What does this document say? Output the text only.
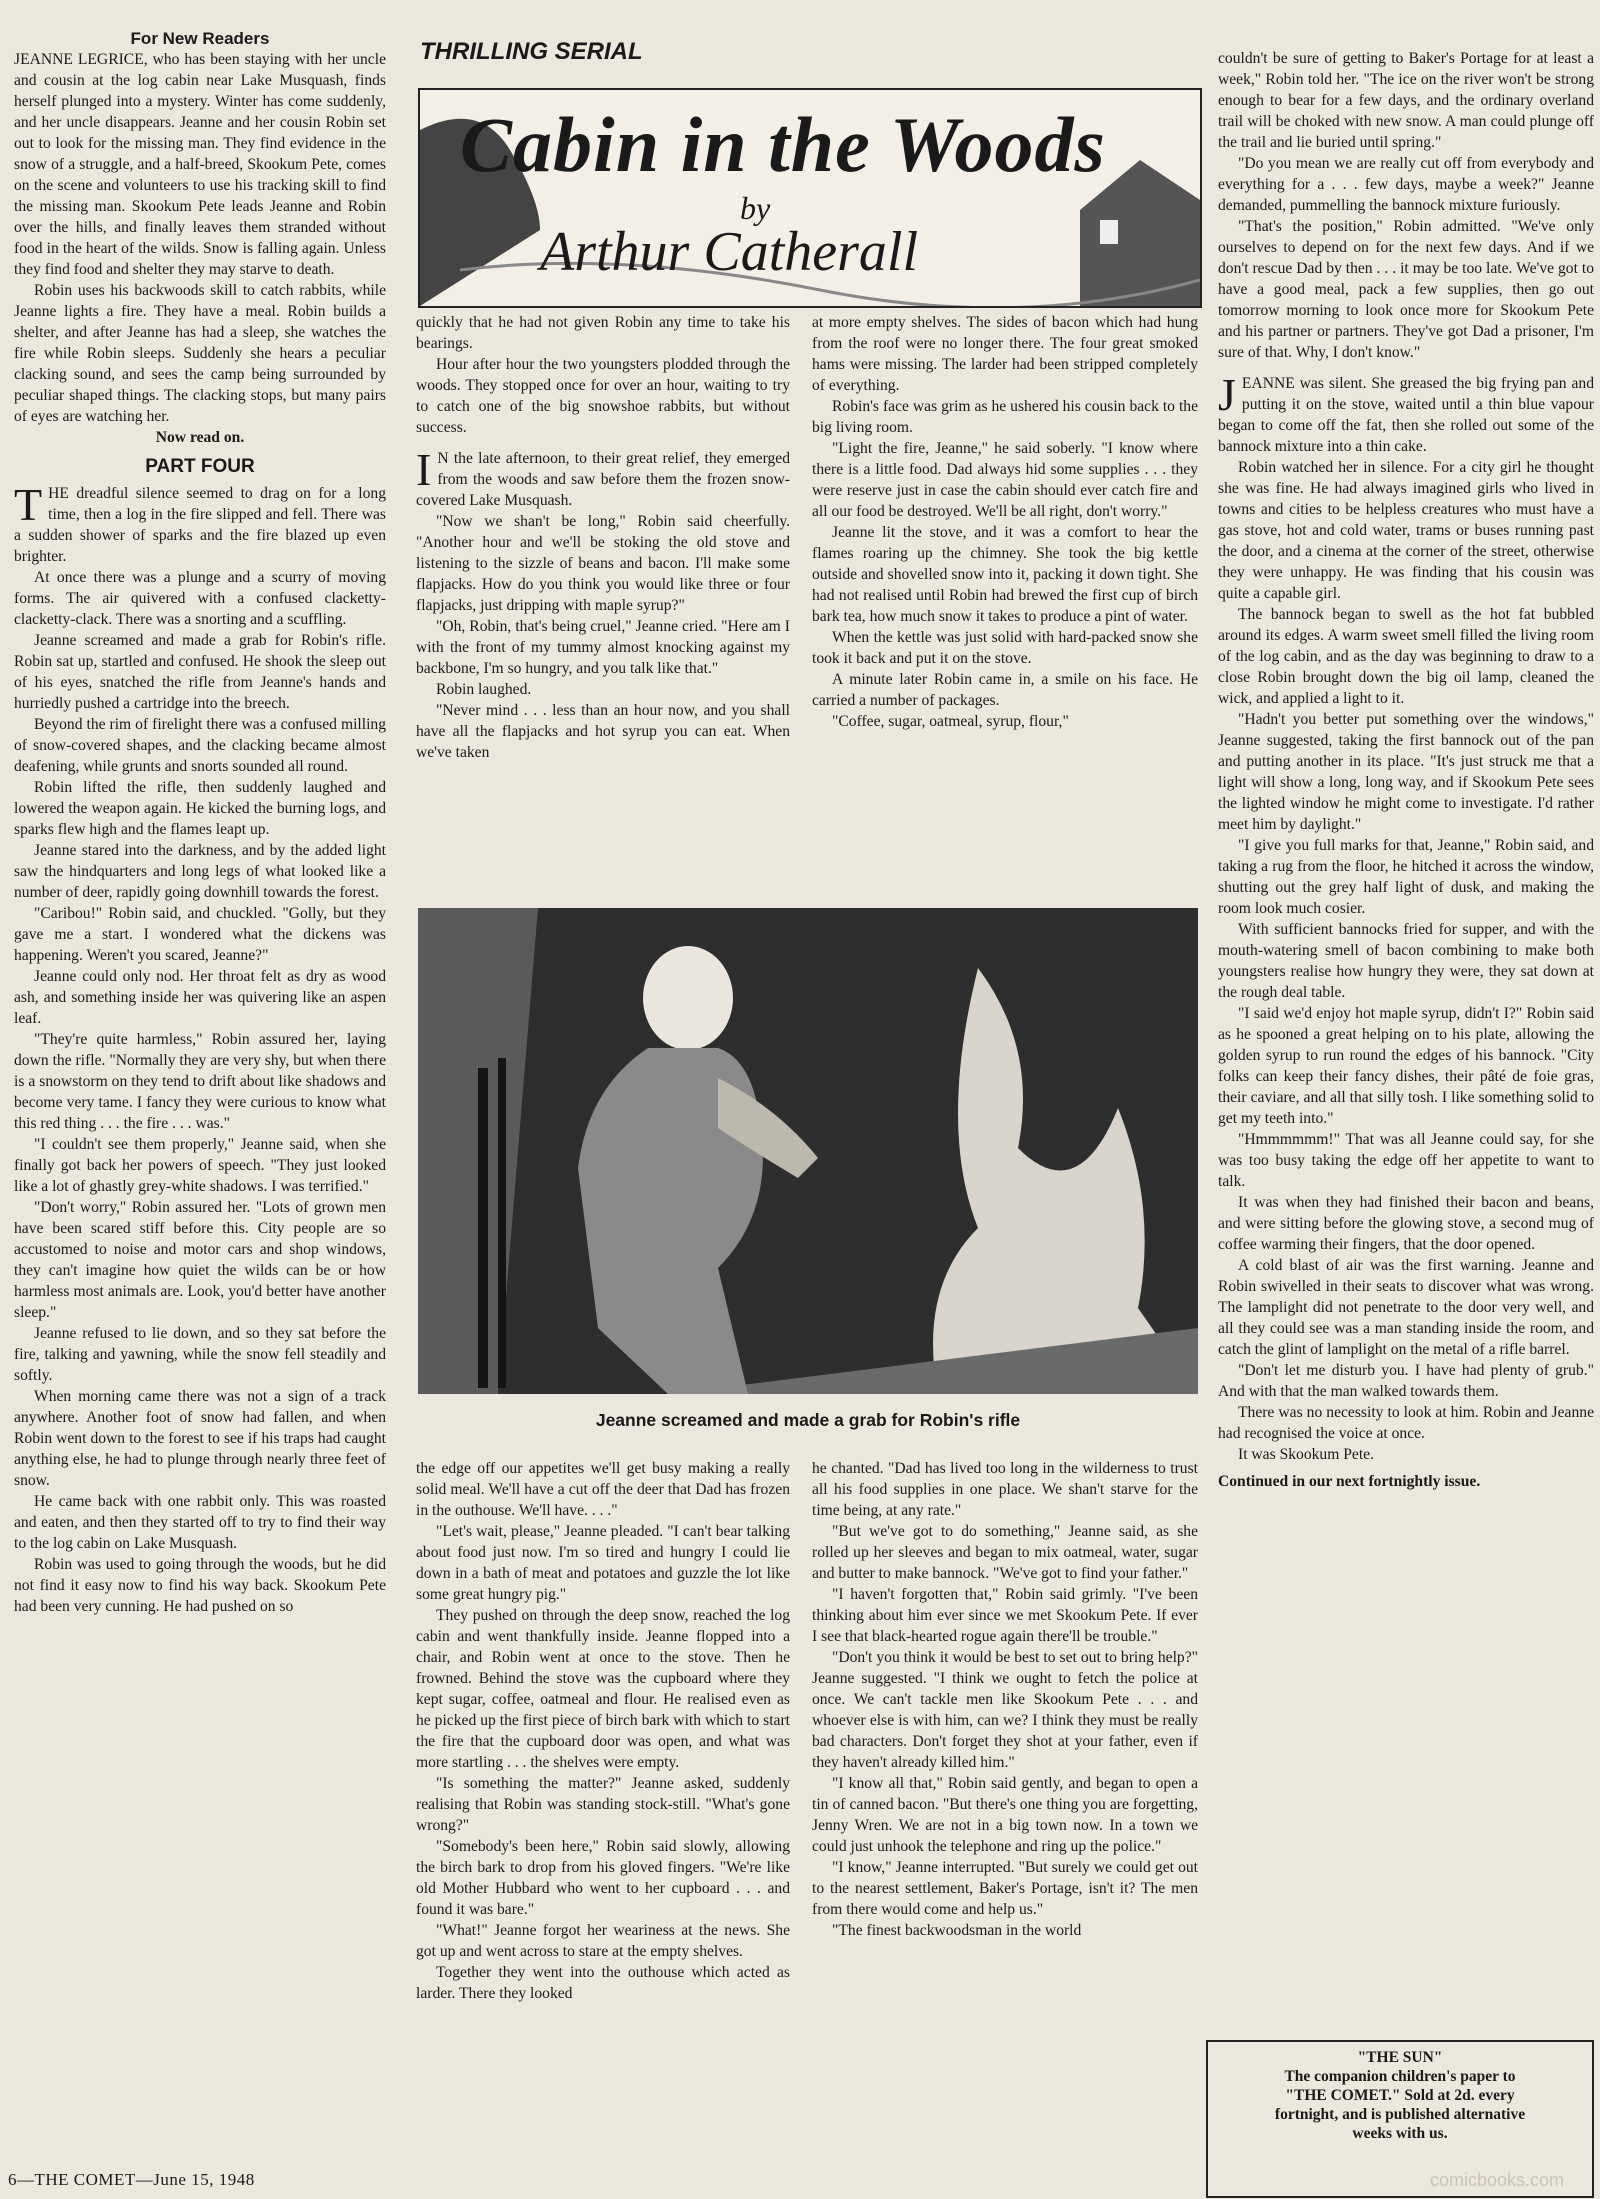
For New Readers

JEANNE LEGRICE, who has been staying with her uncle and cousin at the log cabin near Lake Musquash, finds herself plunged into a mystery. Winter has come suddenly, and her uncle disappears. Jeanne and her cousin Robin set out to look for the missing man. They find evidence in the snow of a struggle, and a half-breed, Skookum Pete, comes on the scene and volunteers to use his tracking skill to find the missing man. Skookum Pete leads Jeanne and Robin over the hills, and finally leaves them stranded without food in the heart of the wilds. Snow is falling again. Unless they find food and shelter they may starve to death.

Robin uses his backwoods skill to catch rabbits, while Jeanne lights a fire. They have a meal. Robin builds a shelter, and after Jeanne has had a sleep, she watches the fire while Robin sleeps. Suddenly she hears a peculiar clacking sound, and sees the camp being surrounded by peculiar shaped things. The clacking stops, but many pairs of eyes are watching her.

Now read on.

PART FOUR

THE dreadful silence seemed to drag on for a long time, then a log in the fire slipped and fell. There was a sudden shower of sparks and the fire blazed up even brighter.

At once there was a plunge and a scurry of moving forms. The air quivered with a confused clacketty-clacketty-clack. There was a snorting and a scuffling.

Jeanne screamed and made a grab for Robin's rifle. Robin sat up, startled and confused. He shook the sleep out of his eyes, snatched the rifle from Jeanne's hands and hurriedly pushed a cartridge into the breech.

Beyond the rim of firelight there was a confused milling of snow-covered shapes, and the clacking became almost deafening, while grunts and snorts sounded all round.

Robin lifted the rifle, then suddenly laughed and lowered the weapon again. He kicked the burning logs, and sparks flew high and the flames leapt up.

Jeanne stared into the darkness, and by the added light saw the hindquarters and long legs of what looked like a number of deer, rapidly going downhill towards the forest.

"Caribou!" Robin said, and chuckled. "Golly, but they gave me a start. I wondered what the dickens was happening. Weren't you scared, Jeanne?"

Jeanne could only nod. Her throat felt as dry as wood ash, and something inside her was quivering like an aspen leaf.

"They're quite harmless," Robin assured her, laying down the rifle. "Normally they are very shy, but when there is a snowstorm on they tend to drift about like shadows and become very tame. I fancy they were curious to know what this red thing . . . the fire . . . was."

"I couldn't see them properly," Jeanne said, when she finally got back her powers of speech. "They just looked like a lot of ghastly grey-white shadows. I was terrified."

"Don't worry," Robin assured her. "Lots of grown men have been scared stiff before this. City people are so accustomed to noise and motor cars and shop windows, they can't imagine how quiet the wilds can be or how harmless most animals are. Look, you'd better have another sleep."

Jeanne refused to lie down, and so they sat before the fire, talking and yawning, while the snow fell steadily and softly.

When morning came there was not a sign of a track anywhere. Another foot of snow had fallen, and when Robin went down to the forest to see if his traps had caught anything else, he had to plunge through nearly three feet of snow.

He came back with one rabbit only. This was roasted and eaten, and then they started off to try to find their way to the log cabin on Lake Musquash.

Robin was used to going through the woods, but he did not find it easy now to find his way back. Skookum Pete had been very cunning. He had pushed on so

THRILLING SERIAL
Cabin in the Woods
by
Arthur Catherall

quickly that he had not given Robin any time to take his bearings.

Hour after hour the two youngsters plodded through the woods. They stopped once for over an hour, waiting to try to catch one of the big snowshoe rabbits, but without success.

I N the late afternoon, to their great relief, they emerged from the woods and saw before them the frozen snow-covered Lake Musquash.

"Now we shan't be long," Robin said cheerfully. "Another hour and we'll be stoking the old stove and listening to the sizzle of beans and bacon. I'll make some flapjacks. How do you think you would like three or four flapjacks, just dripping with maple syrup?"

"Oh, Robin, that's being cruel," Jeanne cried. "Here am I with the front of my tummy almost knocking against my backbone, I'm so hungry, and you talk like that."

Robin laughed.

"Never mind . . . less than an hour now, and you shall have all the flapjacks and hot syrup you can eat. When we've taken

at more empty shelves. The sides of bacon which had hung from the roof were no longer there. The four great smoked hams were missing. The larder had been stripped completely of everything.

Robin's face was grim as he ushered his cousin back to the big living room.

"Light the fire, Jeanne," he said soberly. "I know where there is a little food. Dad always hid some supplies . . . they were reserve just in case the cabin should ever catch fire and all our food be destroyed. We'll be all right, don't worry."

Jeanne lit the stove, and it was a comfort to hear the flames roaring up the chimney. She took the big kettle outside and shovelled snow into it, packing it down tight. She had not realised until Robin had brewed the first cup of birch bark tea, how much snow it takes to produce a pint of water.

When the kettle was just solid with hard-packed snow she took it back and put it on the stove.

A minute later Robin came in, a smile on his face. He carried a number of packages.

"Coffee, sugar, oatmeal, syrup, flour,"

Jeanne screamed and made a grab for Robin's rifle

the edge off our appetites we'll get busy making a really solid meal. We'll have a cut off the deer that Dad has frozen in the outhouse. We'll have. . . ."

"Let's wait, please," Jeanne pleaded. "I can't bear talking about food just now. I'm so tired and hungry I could lie down in a bath of meat and potatoes and guzzle the lot like some great hungry pig."

They pushed on through the deep snow, reached the log cabin and went thankfully inside. Jeanne flopped into a chair, and Robin went at once to the stove. Then he frowned. Behind the stove was the cupboard where they kept sugar, coffee, oatmeal and flour. He realised even as he picked up the first piece of birch bark with which to start the fire that the cupboard door was open, and what was more startling . . . the shelves were empty.

"Is something the matter?" Jeanne asked, suddenly realising that Robin was standing stock-still. "What's gone wrong?"

"Somebody's been here," Robin said slowly, allowing the birch bark to drop from his gloved fingers. "We're like old Mother Hubbard who went to her cupboard . . . and found it was bare."

"What!" Jeanne forgot her weariness at the news. She got up and went across to stare at the empty shelves.

Together they went into the outhouse which acted as larder. There they looked

he chanted. "Dad has lived too long in the wilderness to trust all his food supplies in one place. We shan't starve for the time being, at any rate."

"But we've got to do something," Jeanne said, as she rolled up her sleeves and began to mix oatmeal, water, sugar and butter to make bannock. "We've got to find your father."

"I haven't forgotten that," Robin said grimly. "I've been thinking about him ever since we met Skookum Pete. If ever I see that black-hearted rogue again there'll be trouble."

"Don't you think it would be best to set out to bring help?" Jeanne suggested. "I think we ought to fetch the police at once. We can't tackle men like Skookum Pete . . . and whoever else is with him, can we? I think they must be really bad characters. Don't forget they shot at your father, even if they haven't already killed him."

"I know all that," Robin said gently, and began to open a tin of canned bacon. "But there's one thing you are forgetting, Jenny Wren. We are not in a big town now. In a town we could just unhook the telephone and ring up the police."

"I know," Jeanne interrupted. "But surely we could get out to the nearest settlement, Baker's Portage, isn't it? The men from there would come and help us."

"The finest backwoodsman in the world

couldn't be sure of getting to Baker's Portage for at least a week," Robin told her. "The ice on the river won't be strong enough to bear for a few days, and the ordinary overland trail will be choked with new snow. A man could plunge off the trail and lie buried until spring."

"Do you mean we are really cut off from everybody and everything for a . . . few days, maybe a week?" Jeanne demanded, pummelling the bannock mixture furiously.

"That's the position," Robin admitted. "We've only ourselves to depend on for the next few days. And if we don't rescue Dad by then . . . it may be too late. We've got to have a good meal, pack a few supplies, then go out tomorrow morning to look once more for Skookum Pete and his partner or partners. They've got Dad a prisoner, I'm sure of that. Why, I don't know."

JEANNE was silent. She greased the big frying pan and putting it on the stove, waited until a thin blue vapour began to come off the fat, then she rolled out some of the bannock mixture into a thin cake.

Robin watched her in silence. For a city girl he thought she was fine. He had always imagined girls who lived in towns and cities to be helpless creatures who must have a gas stove, hot and cold water, trams or buses running past the door, and a cinema at the corner of the street, otherwise they were unhappy. He was finding that his cousin was quite a capable girl.

The bannock began to swell as the hot fat bubbled around its edges. A warm sweet smell filled the living room of the log cabin, and as the day was beginning to draw to a close Robin brought down the big oil lamp, cleaned the wick, and applied a light to it.

"Hadn't you better put something over the windows," Jeanne suggested, taking the first bannock out of the pan and putting another in its place. "It's just struck me that a light will show a long, long way, and if Skookum Pete sees the lighted window he might come to investigate. I'd rather meet him by daylight."

"I give you full marks for that, Jeanne," Robin said, and taking a rug from the floor, he hitched it across the window, shutting out the grey half light of dusk, and making the room look much cosier.

With sufficient bannocks fried for supper, and with the mouth-watering smell of bacon combining to make both youngsters realise how hungry they were, they sat down at the rough deal table.

"I said we'd enjoy hot maple syrup, didn't I?" Robin said as he spooned a great helping on to his plate, allowing the golden syrup to run round the edges of his bannock. "City folks can keep their fancy dishes, their pâté de foie gras, their caviare, and all that silly tosh. I like something solid to get my teeth into."

"Hmmmmmm!" That was all Jeanne could say, for she was too busy taking the edge off her appetite to want to talk.

It was when they had finished their bacon and beans, and were sitting before the glowing stove, a second mug of coffee warming their fingers, that the door opened.

A cold blast of air was the first warning. Jeanne and Robin swivelled in their seats to discover what was wrong. The lamplight did not penetrate to the door very well, and all they could see was a man standing inside the room, and catch the glint of lamplight on the metal of a rifle barrel.

"Don't let me disturb you. I have had plenty of grub." And with that the man walked towards them.

There was no necessity to look at him. Robin and Jeanne had recognised the voice at once.

It was Skookum Pete.

Continued in our next fortnightly issue.

"THE SUN"
The companion children's paper to
"THE COMET." Sold at 2d. every
fortnight, and is published alternative
weeks with us.
6—THE COMET—June 15, 1948	comicbooks.com
